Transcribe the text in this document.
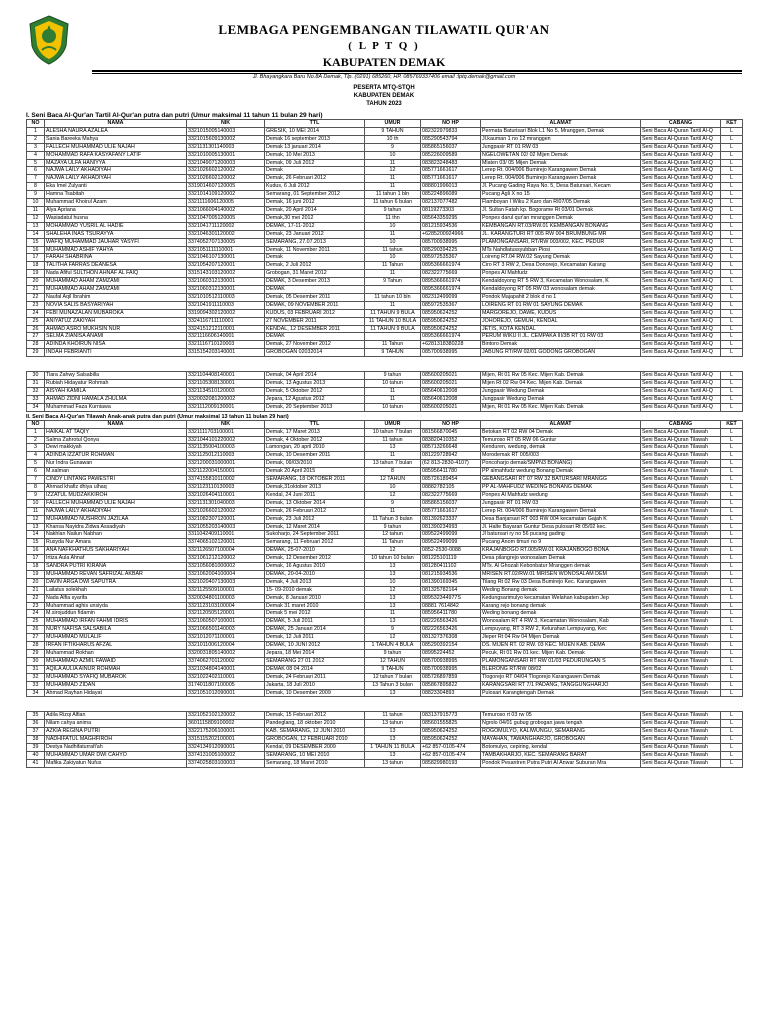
LEMBAGA PENGEMBANGAN TILAWATIL QUR'AN
( L P T Q )
KABUPATEN DEMAK
Jl. Bhayangkara Baru No.8A Demak, Tlp. (0291) 685260, HP. 085769337406 email :lptq.demak@gmail.com
PESERTA MTQ-STQH
KABUPATEN DEMAK
TAHUN 2023
I. Seni Baca Al-Qur'an Tartil Al-Qur'an putra dan putri (Umur maksimal 11 tahun 11 bulan 29 hari)
NO	NAMA	NIK	TTL	UMUR	NO HP	ALAMAT	CABANG	KET
1	ALESHA NAURA AZALEA	3321015005140003	GRESIK, 10 MEI 2014	9 TAHUN	082322979833	Permata Baturisari Blok L1 No 5, Mranggen, Demak	Seni Baca Al-Quran Tartil Al-Q	L
2	Sania Bareeka Mahya	3321015609130002	Demak 16 september 2013	10 th	085290543794	Jl.kauman 1 no 12 mranggen	Seni Baca Al-Quran Tartil Al-Q	L
3	FALLECH MUHAMMAD ULIE NAJAH	3321131301140003	Demak 13 januari 2014	9	085865156037	Jungpasir RT 01 RW 03	Seni Baca Al-Quran Tartil Al-Q	L
4	MOHAMMAD RAFA KASYAFANY LATIF	3321010005130001	Demak, 10 Mei 2013	10	085226009589	NGELOWETAN 02/ 02 Mijen Demak	Seni Baca Al-Quran Tartil Al-Q	L
5	MAZAYA ULFA HANIYYA	3321049071200003	Demak, 09 Juli 2012	11	083823248483	Mlaten 03/ 05 Mijen Demak	Seni Baca Al-Quran Tartil Al-Q	L
6	NAJWA LAILY AKHADIYAH	3321026602120002	Demak	12	085771661617	Lerep Rt. 004/006 Bumirejo Karangawen Demak	Seni Baca Al-Quran Tartil Al-Q	L
7	NAJWA LAILY AKHADIYAH	3321026602120002	Demak, 26 Februari 2012	11	085771661617	Lerep Rt. 004/006 Bumirejo Karangawen Demak	Seni Baca Al-Quran Tartil Al-Q	L
8	Eka Imel Zulyanti	3319014607120005	Kudus, 6 Juli 2012	11	088801996013	Jl. Pucang Gading Raya No. 5, Desa Batursari, Kecam	Seni Baca Al-Quran Tartil Al-Q	L
9	Hamna Tsabitah	3321014109120002	Semarang, 01 September 2012	11 tahun 1 bln	085224896089	Pucang Agli X no 15	Seni Baca Al-Quran Tartil Al-Q	L
10	Muhammad Khoirul Azam	3321111606120005	Demak, 16 juni 2012	11 tahun 6 bulan	082137077482	Flamboyan I Wiku 2 Karo dan RI07/05 Demak	Seni Baca Al-Quran Tartil Al-Q	L
11	Alya Apriana	3321066004140002	Demak, 20 April 2014	9 tahun	08119273303	Jl. Sultan Fatah kp. Bogorame Rt 03/01 Demak	Seni Baca Al-Quran Tartil Al-Q	L
12	Wasiadatul husna	3321047005120005	Demak,30 mei 2012	11 thn	085643359295	Ponpes darul qur'an mranggen Demak	Seni Baca Al-Quran Tartil Al-Q	L
13	MOHAMMAD YUSRIL AL HADIE	3321041711120002	DEMAK, 17-11-2012	10	081215934536	KEMBANGAN RT.03/RW.01 KEMBANGAN BONANG	Seni Baca Al-Quran Tartil Al-Q	L
14	SHALEHA INAS TSURAYYA	3321046301120002	Demak, 23 Januari 2012	11	+6285200924966	JL. KARANGTURI RT 005 RW 004 BRUMBUNG MR	Seni Baca Al-Quran Tartil Al-Q	L
15	WAFIQ MUHAMMAD JAUHAR YASYFI	3374052707130005	SEMARANG, 27.07.2013	10	085700938995	PLAMONGANSARI, RT/RW 003/002, KEC. PEDUR	Seni Baca Al-Quran Tartil Al-Q	L
16	MUHAMMAD ASHIF YAHYA	3321051111110001	Demak, 11 November 2011	11 tahun	085290394225	MTs Nahdlatussyubban Piosi	Seni Baca Al-Quran Tartil Al-Q	L
17	FARAH SHABRINA	3321046107130001	Demak	10	085972535367	Loireng RT.04 RW.02 Sayung Demak	Seni Baca Al-Quran Tartil Al-Q	L
18	TALITHA FARRAS DEANESA	3321054207120001	Demak, 2 Juli 2012	11 Tahun	0895366661974	Ciro RT 3 RW 2, Desa Donorejo, Kecamatan Karang	Seni Baca Al-Quran Tartil Al-Q	L
19	Nada Afiful SULTHON AHNAF AL FAIQ	3315143103120002	Grobogan, 31 Maret 2012	11	082322775669	Ponpes Al Mahfudz	Seni Baca Al-Quran Tartil Al-Q	L
20	MUHAMMAD AHAM ZAMZAMI	3321060312130001	DEMAK, 3 Desember 2013	9 Tahun	0895366661974	Kendaldoyong RT 5 RW 3, Kecamatan Wonosalam, K	Seni Baca Al-Quran Tartil Al-Q	L
21	MUHAMMAD AHAM ZAMZAMI	3321060312130001	DEMAK		0895366661974	Kendaldoyong RT 05 RW 03 wonosalam demak	Seni Baca Al-Quran Tartil Al-Q	L
22	Naufal Aqil Ibrahim	3321010512110003	Demak, 05 Desember 2011	11 tahun 10 bln	082312499099	Pondok Majapahit 2 blok d no 1	Seni Baca Al-Quran Tartil Al-Q	L
23	NOVIA SALIS BASYARIYAH	3321041911110003	DEMAK, 09 NOVEMBER 2011	11	085972535367	LOIRENG RT 01 RW 01 SAYUNG DEMAK	Seni Baca Al-Quran Tartil Al-Q	L
24	FEBI MUNAZALAN MUBAROKA	3319094302120002	KUDUS, 03 FEBRUARI 2012	11 TAHUN 9 BULA	085950624252	MARGOREJO, DAWE, KUDUS	Seni Baca Al-Quran Tartil Al-Q	L
25	ANIYATUZ ZAKIYAH	3324116711110001	27 NOVEMBER 2011	11 TAHUN 10 BULA	085950624252	JOHOREJO, GEMUH, KENDAL	Seni Baca Al-Quran Tartil Al-Q	L
26	AHMAD ASRO MUKHSIN NUR	3324151212110001	KENDAL, 12 DESEMBER 2011	11 TAHUN 9 BULA	085950624252	JETIS, KOTA KENDAL	Seni Baca Al-Quran Tartil Al-Q	L
27	SELMA ZIANISA ANAMI	3321116606140001	DEMAK		0895366661974	PERUM WIKU II JL. CEMPAKA III/3B RT 01 RW 03	Seni Baca Al-Quran Tartil Al-Q	L
28	ADINDA KHOIRUN NISA	3321116710120003	Demak, 27 November 2012	11 Tahun	+6281318380228	Bintoro Demak	Seni Baca Al-Quran Tartil Al-Q	L
29	INDAH FEBRIANTI	3315154203140001	GROBOGAN 02032014	9 TAHUN	085700938995	JABUNG RT/RW 02/01 GODONG GROBOGAN	Seni Baca Al-Quran Tartil Al-Q	L
30	Tiara Zahwy Salsabilla	3321104408140001	Demak, 04 April 2014	9 tahun	085600205021	Mijen, Rt 01 Rw 05 Kec. Mijen Kab. Demak	Seni Baca Al-Quran Tartil Al-Q	L
31	Rubiah Hidayatur Rohmah	3321105308130001	Demak, 13 Agustus 2013	10 tahun	085600205021	Mijen Rt 02 Rw 04 Kec. Mijen Kab. Demak	Seni Baca Al-Quran Tartil Al-Q	L
32	AISYAH KAMILA	3321134510120003	Demak, 5 Oktober 2012	11	085640612008	Jungpasir Wedung Demak	Seni Baca Al-Quran Tartil Al-Q	L
33	AHMAD ZIDNI HAMALA ZHULMA	3320032081200002	Jepara, 12 Agustus 2012	11	085640612008	Jungpasir Wedung Demak	Seni Baca Al-Quran Tartil Al-Q	L
34	Muhammad Faza Kurniawa	3321112009130001	Demak, 20 September 2013	10 tahun	085600205021	Mijen, Rt 01 Rw 05 Kec. Mijen Kab. Demak	Seni Baca Al-Quran Tartil Al-Q	L
II. Seni Baca Al-Qur'an Tilawah Anak-anak putra dan putri (Umur maksimal 13 tahun 11 bulan 29 hari)
NO	NAMA	NIK	TTL	UMUR	NO HP	ALAMAT	CABANG	KET
1	HAIKAL AT TAQIY	3321111703100001	Demak, 17 Maret 2013	10 tahun 7 bulan	081566870045	Betokan RT 02 RW 04 Demak	Seni Baca Al-Quran Tilawah	L
2	Salma Zahrotul Qonya	3321044101220002	Demak, 4 Oktober 2012	11 tahun	083820410352	Temuroso RT 05 RW 06 Guntur	Seni Baca Al-Quran Tilawah	L
3	Dewi makkiyah	3321135004100003	Lamongan, 20 april 2010	13	085713266648	Kenduren, wedung, demak	Seni Baca Al-Quran Tilawah	L
4	ADINDA IZZATUR ROHMAN	3321125012110003	Demak, 10 Desember 2011	11	081229728942	Morodemak RT 005/003	Seni Baca Al-Quran Tilawah	L
5	Nur Indra Gunawan	3321200031000001	Demak, 09/03/2010	13 tahun 7 bulan	(62 813-2830-4107)	Poncoharjo demak/SMPN3 BONANG)	Seni Baca Al-Quran Tilawah	L
6	M.salman	3321122004150001	Demak 20 April 2015	8	085956411780	PP almahfudz wedung Bonang Demak	Seni Baca Al-Quran Tilawah	L
7	CINDY LINTANG PAWESTRI	3374155810110002	SEMARANG, 18 OKTOBER 2011	12 TAHUN	085726189454	GEBANGSARI RT 07 RW 32 BATURSARI MRANGG	Seni Baca Al-Quran Tilawah	L
8	Ahmad khafiz dhiya ulhaq	3321123110130003	Demak,31oktober 2013	10	08882782105	PP AL-MAHFUDZ WEDING BONANG DEMAK	Seni Baca Al-Quran Tilawah	L
9	IZZATUL MUDZAKKIROH	3321026404110001	Kendal, 24 Juni 2011	12	082322775669	Ponpes Al Mahfudz wedung	Seni Baca Al-Quran Tilawah	L
10	FALLECH MUHAMMAD ULIE NAJAH	3321131301040003	Demak, 13 Oktober 2014	9	085865156037	Jungpasir RT 01 RW 03	Seni Baca Al-Quran Tilawah	L
11	NAJWA LAILY AKHADIYAH	3321026602120002	Demak, 26 Februari 2012	11	085771661617	Lerep Rt. 004/006 Bumirejo Karangawen Demak	Seni Baca Al-Quran Tilawah	L
12	MUHAMMAD NUSHRON JAZILAA	3321082307120001	Demak, 23 Juli 2012	11 Tahun 3 bulan	081392623337	Desa Banjarsari RT 003 RW 004 kecamatan Gajah K	Seni Baca Al-Quran Tilawah	L
13	Khansa Nayidra Zidwa Assadiyah	3321055203140003	Demak, 12 Maret 2014	9 tahun	081390234993	Jl. Halte Bayaran Guntur Desa pulosari Rt 05/02 kec.	Seni Baca Al-Quran Tilawah	L
14	Nakhlan Nailun Nabhan	3311042409110001	Sukoharjo, 24 September 2011	12 tahun	089522499099	Jl batursari ry no 56 pucang gading	Seni Baca Al-Quran Tilawah	L
15	Rusyda Nur Amara	3374065102120001	Semarang, 11 Februari 2012	11 Tahun	089522499099	Pucang Anom timuri no 9	Seni Baca Al-Quran Tilawah	L
16	ANA NAFKHATHUS SAKHARIYAH	3321126507100004	DEMAK, 25-07-2010	12	0852-2530-0088	KRAJANBOGO RT.005/RW.01 KRAJANBOGO BONA	Seni Baca Al-Quran Tilawah	L
17	Irtiza Aula Ahnaf	3321061212120002	Demak, 12 Desember 2012	10 tahun 10 bulan	081225101119	Desa pilangrejo wonosalam Demak	Seni Baca Al-Quran Tilawah	L
18	SANDRA PUTRI KIRANA	3321056081000002	Demak, 16 Agustus 2010	13	081280411102	MTs. Al Ghozali Kebonbatur Mranggen demak	Seni Baca Al-Quran Tilawah	L
19	MUHAMMAD REVAN SAFRIZAL AKBAR	3321062004100004	DEMAK, 20-04-2010	13	081215934536	MRISEN RT.02/RW.01 MRISEN WONOSALAM DEM	Seni Baca Al-Quran Tilawah	L
20	DAVIN ARGA DWI SAPUTRA	3321020407130003	Demak, 4 Juli 2013	10	081390169345	Tilang Rt 02 Rw 03 Desa Bumirejo Kec. Karangawen	Seni Baca Al-Quran Tilawah	L
21	Lailatus solekhah	3321125509100001	15- 09-2010 demak	12	081325782164	Weding Bonang demak	Seni Baca Al-Quran Tilawah	L
22	Nada Alfia syarifa	3320034801100003	Demak, 8 Januari 2010	13	089532344977S	Kedungsarimulyo kecamatan Welahan kabupaten Jep	Seni Baca Al-Quran Tilawah	L
23	Muhammad aghis unsiyda	3321123103100004	Demak 31 maret 2010	13	08881 7614842	Karang rejo bonang demak	Seni Baca Al-Quran Tilawah	L
24	M.sirojuddun fidamin	3321120505120001	Demak 5 mei 2012	11	085956411780	Weding bonang demak	Seni Baca Al-Quran Tilawah	L
25	MUHAMMAD IRFAN FAHMI IDRIS	3321060507100001	DEMAK, 5 Juli 2011	13	082226563426	Wonosalam RT 4 RW 3, Kecamatan Wonosalam, Kab	Seni Baca Al-Quran Tilawah	L
26	NURY NAFISA SALSABILA	3321066501140003	DEMAK, 25 Januari 2014	9	082226563426	Lempuyang, RT 3 RW 2, Kelurahan Lempuyang, Kec	Seni Baca Al-Quran Tilawah	L
27	MUHAMMAD MULALIF	3321012071100001	Demak, 12 Juli 2011	12	081327376308	Jleper Rt 04 Rw 04 Mijen Demak	Seni Baca Al-Quran Tilawah	L
28	IRFAN IFTIKHARUS AFZAL	3321011006120004	DEMAK, 10 JUNI 2012	1 TAHUN 4 BULA	085290392154	DS. MIJEN RT. 02 RW. 03 KEC. MIJEN KAB. DEMA	Seni Baca Al-Quran Tilawah	L
29	Muhammad Rokhan	3320031805140002	Jepara, 18 Mei 2014	9 tahun	08995224452	Pecuk, Rt 01 Rw 01 kec. Mijen Kab. Demak	Seni Baca Al-Quran Tilawah	L
30	MUHAMMAD AZMIL FAWAID	3374062701120002	SEMARANG 27 01 2012	12 TAHUN	085700938995	PLAMONGANSARI RT RW 01/03 PEDURUNGAN S	Seni Baca Al-Quran Tilawah	L
31	AQILA AULIA AINUR ROHMAH	3321034804140001	DEMAK 08 04 2014	9 TAHUN	085700938995	BLERONG RT/RW 08/02	Seni Baca Al-Quran Tilawah	L
32	MUHAMMAD SYAFIQ MUBAROK	3321022402110001	Demak, 24 Februari 2011	12 tahun 7 bulan	085726897859	Tlogorejo RT 04/04 Tlogorejo Karangawen Demak	Seni Baca Al-Quran Tilawah	L
33	MUHAMMAD ZIDAN	3174011807100005	Jakarta, 18 Juli 2010	13 Tahun 3 bulan	085867895822	KARANGSARI RT 7/1 PADANG, TANGGUNGHARJO	Seni Baca Al-Quran Tilawah	L
34	Ahmad Rayhan Hidayat	3321051012090001	Demak, 10 Desember 2009	13	08823304893	Pulosari Karangtengah Demak	Seni Baca Al-Quran Tilawah	L
35	Adila Rizqi Alfian	3321052102120002	Demak, 15 Februari 2012	11 tahun	083137915773	Temuroso rt 03 rw 05	Seni Baca Al-Quran Tilawah	L
36	Nilam cahya anima	3601115809100002	Pandeglang, 18 oktober 2010	13 tahun	085601555825	Ngrolo 04/01 gubug grobogan jawa tengah	Seni Baca Al-Quran Tilawah	L
37	AZKIA REGINA PUTRI	3322175206100001	KAB. SEMARANG, 12 JUNI 2010	13	085950624252	ROGOMULYO, KALIWUNGU, SEMARANG	Seni Baca Al-Quran Tilawah	L
38	NADHIFATUL MAGHFIROH	3315115202100001	GROBOGAN, 12 FEBRUARI 2010	13	085950624252	MAYAHAN, TAWANGHARJO, GROBOGAN	Seni Baca Al-Quran Tilawah	L
39	Destya Nadhifaturrafi'ah	3324134912090001	Kendal, 09 DESEMBER 2009	1 TAHUN 11 BULA	+62 857-0105-474	Botomulyo, cepiring, kendal	Seni Baca Al-Quran Tilawah	L
40	MUHAMMAD UMAR DWI CAHYO	3374131005100002	SEMARANG, 10 MEI 2010	13	+62 857-0105-474	TAMBAKHARJO, KEC. SEMARANG BARAT	Seni Baca Al-Quran Tilawah	L
41	Mafika Zakiyatun Nufus	3374025803100003	Semarang, 18 Maret 2010	13 tahun	085829980193	Pondok Pesantren Putra Putri Al Anwar Suburan Mra	Seni Baca Al-Quran Tilawah	L
